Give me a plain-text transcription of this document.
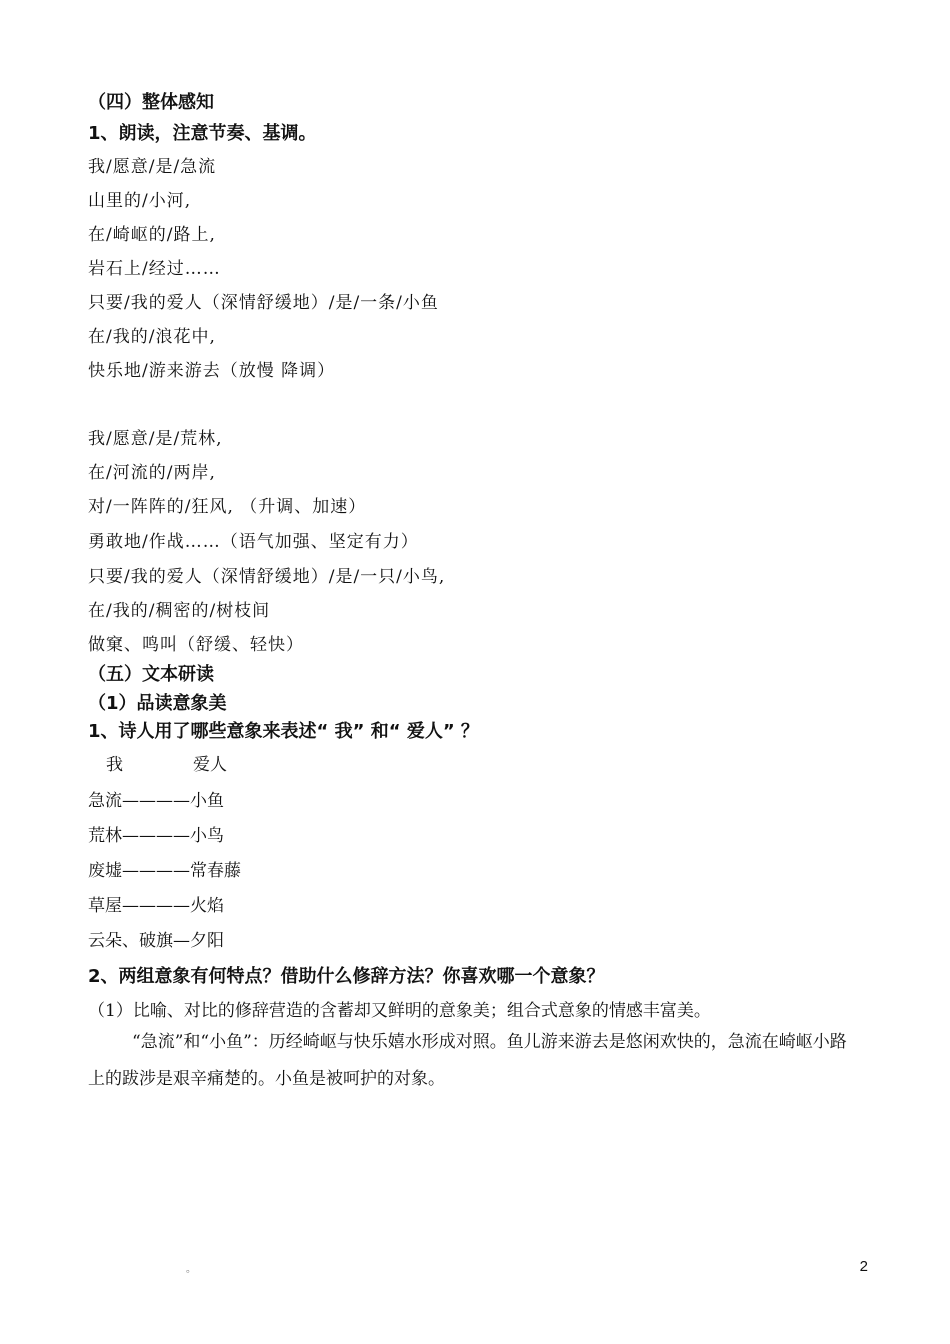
（四）整体感知
1、朗读，注意节奏、基调。
我/愿意/是/急流
山里的/小河,
在/崎岖的/路上,
岩石上/经过……
只要/我的爱人（深情舒缓地）/是/一条/小鱼
在/我的/浪花中,
快乐地/游来游去（放慢 降调）
我/愿意/是/荒林,
在/河流的/两岸,
对/一阵阵的/狂风, （升调、加速）
勇敢地/作战……（语气加强、坚定有力）
只要/我的爱人（深情舒缓地）/是/一只/小鸟,
在/我的/稠密的/树枝间
做窠、鸣叫（舒缓、轻快）
（五）文本研读
（1）品读意象美
1、诗人用了哪些意象来表述“ 我” 和“ 爱人” ？
我	爱人
急流————小鱼
荒林————小鸟
废墟————常春藤
草屋————火焰
云朵、破旗—夕阳
2、两组意象有何特点？借助什么修辞方法？你喜欢哪一个意象？
（1）比喻、对比的修辞营造的含蓄却又鲜明的意象美；组合式意象的情感丰富美。
“急流”和“小鱼”：历经崎岖与快乐嬉水形成对照。鱼儿游来游去是悠闲欢快的，急流在崎岖小路上的跋涉是艰辛痛楚的。小鱼是被呵护的对象。
。	2
